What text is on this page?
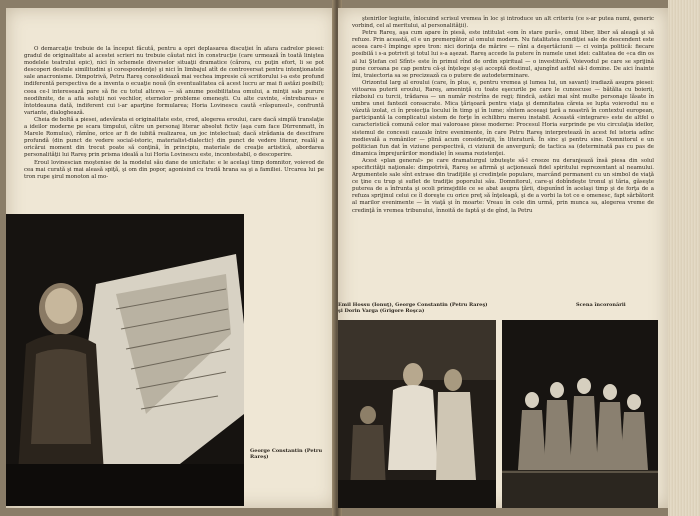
O demarcaţie trebuie de la început făcută, pentru a opri deplasarea discuţiei în afara cadrelor piesei: gradul de originalitate al acestei scrieri nu trebuie căutat nici în construcţie (care urmează în toată liniştea modelele teatrului epic), nici în schemele diverselor situaţii dramatice (cărora, cu puţin efort, li se pot descoperi destule similitudini şi corespondenţe) şi nici în limbajul atît de controversat pentru intenţionatele sale anacronisme. Dimpotrivă, Petru Rareş consolidează mai vechea impresie că scriitorului i-a este profund indiferentă perspectiva de a inventa o ecuaţie nouă (în eventualitatea că acest lucru ar mai fi astăzi posibil); ceea ce-l interesează pare să fie cu totul altceva — să anume posibilitatea omului, a minţii sale purure neodihnite, de a afla soluţii noi vechilor, eternelor probleme omeneşti. Cu alte cuvinte, «întrebarea» e întotdeauna dată, indiferent cui i-ar aparţine formularea; Horia Lovinescu caută «răspunsul», confruntă variante, dialoghează.

Cheia de boltă a piesei, adevărata ei originalitate este, cred, alegerea eroului, care dacă simplă translaţie a ideilor moderne pe scara timpului, către un personaj literar absolut fictiv (aşa cum face Dürrenmatt, în Marele Romulus), rămîne, orice ar fi de iubită realizarea, un joc intelectual; dacă strădania de descifrare profundă (din punct de vedere social-istoric, materialist-dialectic) din punct de vedere literar, reală) a oricărui moment din trecut poate să conţină, în principiu, materiale de creaţie artistică, abordarea personalităţii lui Rareş prin prisma ideală a lui Horia Lovinescu este, incontestabil, o descoperire.

Eroul lovinescian moştenise de la modelul său dane de unicitate: e le acelaşi timp domnitor, voievod de cea mai curată şi mai aleasă spiţă, şi om din popor, agonisind cu trudă hrana sa şi a familiei. Urcarea lui pe tron rupe şirul monoton al mo-

George Constantin (Petru Rareş)

ştenirilor legiuite, înlocuind scrisul vremea în loc şi introduce un alt criteriu (ce s-ar putea numi, generic vorbind, cel al meritului, al personalităţii).

Petru Rareş, aşa cum apare în piesă, este intitulat «om în stare pură», omul liber, liber să aleagă şi să refuze. Prin această, el e un premergător al omului modern. Nu fatalitatea condiţiei sale de descendent este aceea care-l împinge spre tron: nici dorinţa de mărire — răni a deşertăciunii — ci voinţa politică: fiecare posibilă i s-a potrivit şi totul lui s-a aşezat. Rareş accede la putere în numele unei idei: calitatea de «ca din os al lui Ştefan cel Sfînt» este în primul rînd de ordin spiritual — o investitură. Voievodul pe care se sprijină pune coroana pe cap pentru că-şi înţelege şi-şi acceptă destinul, ajungînd astfel să-l domine. De aici înainte îmi, traiectoria sa se precizează ca o putere de autodeterminare.

Orizontul larg al eroului (care, în plus, e, pentru vremea şi lumea lui, un savant) iradiază asupra piesei: viitoarea puterii eroului, Rareş, ameninţă cu toate eşecurile pe care le cunoscuse — bătălia cu boierii, războiul cu turcii, trădarea — un număr restrîns de regi; fiindcă, astăzi mai sînt multe personaje lăsate în umbra unei fantezii consacrate. Mica ţărişoară pentru viaţa şi demnitatea căreia se lupta voievodul nu e văzută izolat, ci în proiecţia locului în timp şi în lume; sîntem aceeaşi ţară a noastră în contextul european, participantă la complicatul sistem de forţe în echilibru mereu instabil. Această «integrare» este de altfel o caracteristică comună celor mai valoroase piese moderne: Procesul Horia surprinde pe viu circulaţia ideilor, sistemul de concesii cauzale între evenimente, în care Petru Rareş interpretează în acest fel istoria adînc medievală a românilor — plină acum consideraţii, în literatură. În sinc şi pentru sine. Domnitorul e un politician fun dat în viziune perspectivă, ci viziunii de anvergură; de tactica sa (determinată pas cu pas de dinamica împrejurărilor mondiale) în seama rezistenţei.

Acest «plan general» pe care dramaturgul izbuteşte să-l creeze nu deranjează însă piesa din solul specificităţii naţionale: dimpotrivă, Rareş se afirmă şi acţionează fidel spiritului reprezentant al neamului. Argumentele sale sînt extrase din tradiţiile şi credinţele populare, marcând permanent cu un simbol de viaţă ce ţine cu trup şi suflet de tradiţie poporului său. Domnitorul, care-şi dobîndeşte tronul şi tăria, găseşte puterea de a înfrunta şi ocoli primejdiile ce se abat asupra ţării, dispunînd în acelaşi timp şi de forţa de a refuza sprijinul celui ce îl doreşte cu orice preţ să înţeleagă, şi de a vorbi la tot ce e omenesc, fapt sărbătorit al marilor evenimente — în viaţă şi în moarte: Vreau în cele din urmă, prin munca sa, alegerea vreme de credinţă în vremea tribunului, înnoită de faptă şi de gînd, la Petru

Emil Hossu (Ionuţ), George Constantin (Petru Rareş) şi Dorin Varga (Grigore Roşca)
Scena încoronării
